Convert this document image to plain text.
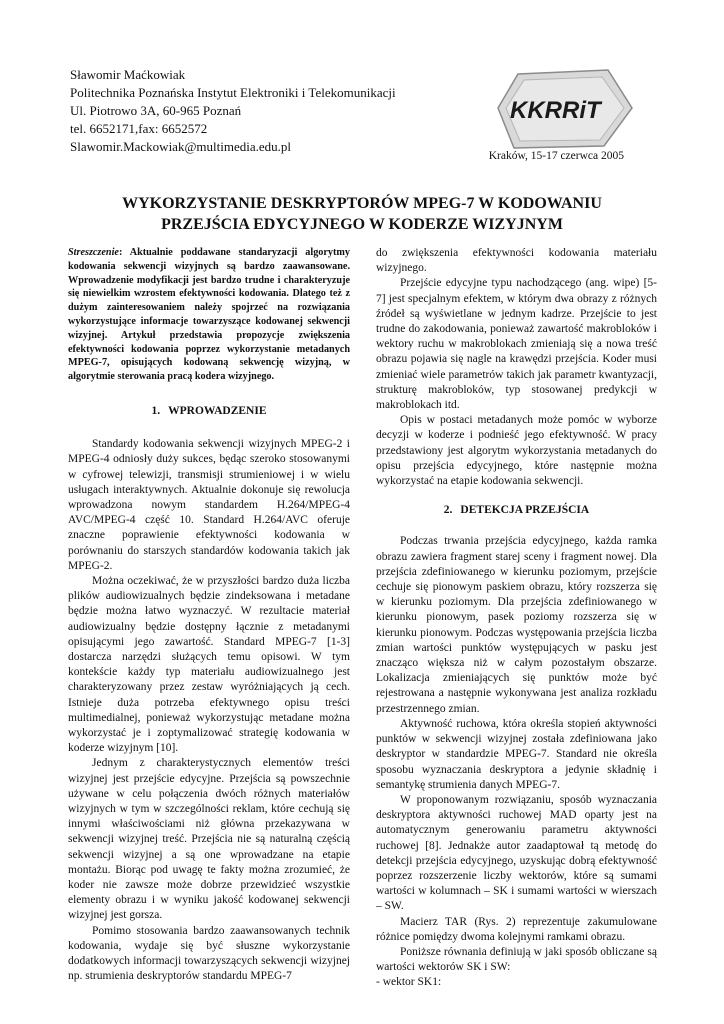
Sławomir Maćkowiak
Politechnika Poznańska Instytut Elektroniki i Telekomunikacji
Ul. Piotrowo 3A, 60-965 Poznań
tel. 6652171,fax: 6652572
Slawomir.Mackowiak@multimedia.edu.pl
KKRRiT
Kraków, 15-17 czerwca 2005
WYKORZYSTANIE DESKRYPTORÓW MPEG-7 W KODOWANIU
PRZEJŚCIA EDYCYJNEGO W KODERZE WIZYJNYM
Streszczenie: Aktualnie poddawane standaryzacji algorytmy kodowania sekwencji wizyjnych są bardzo zaawansowane. Wprowadzenie modyfikacji jest bardzo trudne i charakteryzuje się niewielkim wzrostem efektywności kodowania. Dlatego też z dużym zainteresowaniem należy spojrzeć na rozwiązania wykorzystujące informacje towarzyszące kodowanej sekwencji wizyjnej. Artykuł przedstawia propozycje zwiększenia efektywności kodowania poprzez wykorzystanie metadanych MPEG-7, opisujących kodowaną sekwencję wizyjną, w algorytmie sterowania pracą kodera wizyjnego.
1. WPROWADZENIE

Standardy kodowania sekwencji wizyjnych MPEG-2 i MPEG-4 odniosły duży sukces, będąc szeroko stosowanymi w cyfrowej telewizji, transmisji strumieniowej i w wielu usługach interaktywnych. Aktualnie dokonuje się rewolucja wprowadzona nowym standardem H.264/MPEG-4 AVC/MPEG-4 część 10. Standard H.264/AVC oferuje znaczne poprawienie efektywności kodowania w porównaniu do starszych standardów kodowania takich jak MPEG-2.

Można oczekiwać, że w przyszłości bardzo duża liczba plików audiowizualnych będzie zindeksowana i metadane będzie można łatwo wyznaczyć. W rezultacie materiał audiowizualny będzie dostępny łącznie z metadanymi opisującymi jego zawartość. Standard MPEG-7 [1-3] dostarcza narzędzi służących temu opisowi. W tym kontekście każdy typ materiału audiowizualnego jest charakteryzowany przez zestaw wyróżniających ją cech. Istnieje duża potrzeba efektywnego opisu treści multimedialnej, ponieważ wykorzystując metadane można wykorzystać je i zoptymalizować strategię kodowania w koderze wizyjnym [10].

Jednym z charakterystycznych elementów treści wizyjnej jest przejście edycyjne. Przejścia są powszechnie używane w celu połączenia dwóch różnych materiałów wizyjnych w tym w szczególności reklam, które cechują się innymi właściwościami niż główna przekazywana w sekwencji wizyjnej treść. Przejścia nie są naturalną częścią sekwencji wizyjnej a są one wprowadzane na etapie montażu. Biorąc pod uwagę te fakty można zrozumieć, że koder nie zawsze może dobrze przewidzieć wszystkie elementy obrazu i w wyniku jakość kodowanej sekwencji wizyjnej jest gorsza.

Pomimo stosowania bardzo zaawansowanych technik kodowania, wydaje się być słuszne wykorzystanie dodatkowych informacji towarzyszących sekwencji wizyjnej np. strumienia deskryptorów standardu MPEG-7

do zwiększenia efektywności kodowania materiału wizyjnego.

Przejście edycyjne typu nachodzącego (ang. wipe) [5-7] jest specjalnym efektem, w którym dwa obrazy z różnych źródeł są wyświetlane w jednym kadrze. Przejście to jest trudne do zakodowania, ponieważ zawartość makrobloków i wektory ruchu w makroblokach zmieniają się a nowa treść obrazu pojawia się nagle na krawędzi przejścia. Koder musi zmieniać wiele parametrów takich jak parametr kwantyzacji, strukturę makrobloków, typ stosowanej predykcji w makroblokach itd.

Opis w postaci metadanych może pomóc w wyborze decyzji w koderze i podnieść jego efektywność. W pracy przedstawiony jest algorytm wykorzystania metadanych do opisu przejścia edycyjnego, które następnie można wykorzystać na etapie kodowania sekwencji.

2. DETEKCJA PRZEJŚCIA

Podczas trwania przejścia edycyjnego, każda ramka obrazu zawiera fragment starej sceny i fragment nowej. Dla przejścia zdefiniowanego w kierunku poziomym, przejście cechuje się pionowym paskiem obrazu, który rozszerza się w kierunku poziomym. Dla przejścia zdefiniowanego w kierunku pionowym, pasek poziomy rozszerza się w kierunku pionowym. Podczas występowania przejścia liczba zmian wartości punktów występujących w pasku jest znacząco większa niż w całym pozostałym obszarze. Lokalizacja zmieniających się punktów może być rejestrowana a następnie wykonywana jest analiza rozkładu przestrzennego zmian.

Aktywność ruchowa, która określa stopień aktywności punktów w sekwencji wizyjnej została zdefiniowana jako deskryptor w standardzie MPEG-7. Standard nie określa sposobu wyznaczania deskryptora a jedynie składnię i semantykę strumienia danych MPEG-7.

W proponowanym rozwiązaniu, sposób wyznaczania deskryptora aktywności ruchowej MAD oparty jest na automatycznym generowaniu parametru aktywności ruchowej [8]. Jednakże autor zaadaptował tą metodę do detekcji przejścia edycyjnego, uzyskując dobrą efektywność poprzez rozszerzenie liczby wektorów, które są sumami wartości w kolumnach – SK i sumami wartości w wierszach – SW.

Macierz TAR (Rys. 2) reprezentuje zakumulowane różnice pomiędzy dwoma kolejnymi ramkami obrazu.

Poniższe równania definiują w jaki sposób obliczane są wartości wektorów SK i SW:

- wektor SK1:
